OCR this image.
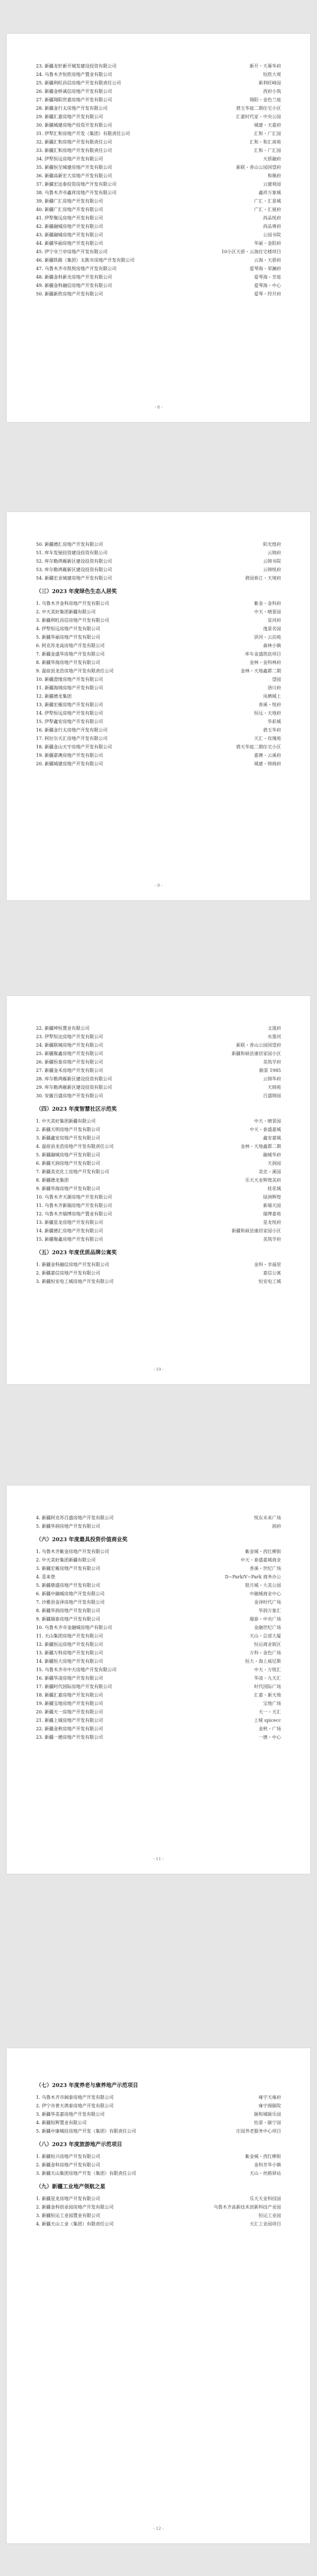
23. 新疆龙轩新开城发建设投资有限公司	新开・天幕华府
24. 乌鲁木齐恒欣房地产置业有限公司	恒欣大观
25. 新疆利旺昌信房地产开发有限责任公司	新利旺峰园
26. 新疆金桥诚信房地产开发有限公司	西府小筑
27. 新疆翔阳世嘉房地产开发有限公司	翔阳・金色兰庭
28. 新疆金行太房地产开发有限公司	碧玉华庭二期住宅小区
29. 新疆汇嘉房地产开发有限公司	汇嘉时代家・中央公园
30. 新疆城建房地产投资开发有限公司	城建・天嘉府
31. 伊犁汇和房地产开发（集团）有限责任公司	汇和・广汇园
32. 新疆汇和房地产开发有限责任公司	汇和・和汇南苑
33. 新疆汇和房地产开发有限责任公司	汇和・广汇园
34. 伊犁恒远房地产开发有限公司	天骄融府
35. 新疆恒至城建房地产开发有限公司	新联・香山公园国望府
36. 新疆高新宏大房地产开发有限公司	和顺府
37. 新疆宏达泰投资房地产开发有限公司	云建观园
38. 乌鲁木齐市鑫祥房地产开发有限公司	鑫祥万象城
39. 新疆广汇房地产开发有限公司	广汇・汇景城
40. 新疆广汇房地产开发有限公司	广汇・汇展府
41. 伊犁聚远房地产开发有限公司	尚品悦府
42. 新疆融城房地产开发有限公司	尚品尊府
43. 新疆融城房地产开发有限公司	公园书院
44. 新疆华丽房地产开发有限公司	华丽・金阳府
45. 伊宁市兰亭房地产开发有限公司	10小区天骄・云海住宅楼项目
46. 新疆铁路（集团）太陈市房地产开发有限公司	云海・天骄府
47. 乌鲁木齐市凯悦房地产开发有限公司	爱琴海・荣澜府
48. 新疆金科新光房地产开发有限公司	爱琴海・芳庭
49. 新疆金科融信房地产开发有限公司	爱琴海・中心
50. 新疆新欣房地产开发有限公司	爱琴・经开府
- 8 -
50. 新疆德汇房地产开发有限公司	阳光煌府
51. 库车发展投资建设投资有限公司	云锦府
52. 库尔勒鸿雁新区建设投资有限公司	云锦书院
53. 库尔勒鸿雁新区建设投资有限公司	云锦悦府
54. 新疆宏业城建房地产开发有限公司	碧园春江・天境府
（三）2023 年度绿色生态人居奖
1. 乌鲁木齐金科房地产开发有限公司	紫金・金科府
2. 中天美好集团新疆有限公司	中天・晴景园
3. 新疆利旺昌信房地产开发有限公司	星河府
4. 伊犁恒远房地产开发有限公司	逸景名园
5. 新疆华丽房地产开发有限公司	滨河・云泊苑
6. 阿克苏龙高房地产开发有限公司	森林小镇
7. 新疆金盛华房地产开发有限公司	库车金盛凯宸项目
8. 新疆华海房地产开发有限公司	金林・金科林府
9. 温宿县龙浩房地产开发有限责任公司	金林・天地鑫都二期
10. 新疆澄缘房地产开发有限公司	望园
11. 新疆海域房地产开发有限公司	洛川府
12. 新疆德龙集团	凤栖城上
13. 新疆宏雁房地产开发有限公司	香溪・悦府
14. 伊犁恒远房地产开发有限公司	恒远・天地府
15. 伊犁鑫安房地产开发有限公司	华彩城
16. 新疆金行太房地产开发有限公司	碧玉华府
17. 阿拉尔天汇房地产开发有限公司	天汇・玫瑰苑
18. 新疆金山天宇房地产开发有限公司	碧天华庭二期住宅小区
19. 新疆嘉澳房地产开发有限公司	嘉澳・云溪府
20. 新疆城建房地产开发有限公司	城建・锦阁府
- 9 -
22. 新疆坤恒置业有限公司	文晟府
23. 伊犁恒达房地产开发有限公司	水墨河
24. 新疆联城房地产开发有限公司	新联・香山公园国望府
25. 新疆聚鑫房地产开发有限公司	新疆和硕县康居家园小区
26. 新疆恒泰房地产开发有限公司	美筑学府
27. 新疆金禾房地产开发有限公司	颐景 1985
28. 库尔勒鸿雁新区建设投资有限公司	云锦华府
29. 库尔勒鸿雁新区建设投资有限公司	天锦苑
30. 安徽百盛房地产开发有限公司	百盛锦园
（四）2023 年度智慧社区示范奖
1. 中天美好集团新疆有限公司	中天・晴景园
2. 新疆天明房地产开发有限公司	中天・泰盛嘉城
3. 新疆鑫安房地产开发有限公司	鑫安嘉城
4. 温宿县龙浩房地产开发有限责任公司	金林・天地鑫都二期
5. 新疆融城房地产开发有限公司	融城华府
6. 新疆天润房地产开发有限公司	天润园
7. 新疆美克化工房地产开发有限公司	美克・溪园
8. 新疆德龙集团	乐天天业辉煌美府
9. 新疆华海房地产开发有限公司	桂花城
10. 乌鲁木齐天源房地产开发有限公司	绿洲辉煌
11. 乌鲁木齐新瑞房地产开发有限公司	新瑞天园
12. 乌鲁木齐瑞博房地产置业有限公司	瑞博嘉苑
13. 新疆星龙房地产开发有限公司	星龙悦府
14. 新疆德汇房地产开发有限公司	新疆和硕县康居家园小区
15. 新疆聚鑫房地产开发有限公司	美筑学府
（五）2023 年度优质品牌公寓奖
1. 新疆金科融信房地产开发有限公司	金科・幸福里
2. 新疆嘉信房地产开发有限公司	嘉信公寓
3. 新疆恒安电工城房地产开发有限公司	恒安电工城
- 10 -
4. 新疆阿克苏百盛房地产开发有限公司	悦东未来广场
5. 新疆华润房地产开发有限公司	润府
（六）2023 年度最具投资价值商业奖
1. 乌鲁木齐紫金房地产开发有限公司	紫金城・西红柳街
2. 中天美好集团新疆有限公司	中天・泰盛嘉城商业
3. 新疆宏雁房地产开发有限公司	香溪・世纪广场
4. 喜来登	D~Park/V~Park 商务办公
5. 新疆鼎盛房地产开发有限公司	银月城・大美公园
6. 新疆中融城房地产开发有限公司	中融城商业中心
7. 沙雅县金泽房地产开发有限公司	金泽时代广场
8. 新疆华润房地产开发有限公司	华润万象汇
9. 新疆瑞泰房地产开发有限公司	瑞泰・中央广场
10. 乌鲁木齐市金融城房地产有限公司	金融世纪广场
11. 天山集团房地产开发有限公司	天山・总部大厦
12. 新疆恒运房地产开发有限公司	恒运商业街区
13. 新疆万科房地产开发有限公司	万科・金色广场
14. 新疆恒大房地产开发有限公司	恒大・海上威尼斯
15. 乌鲁木齐市中天房地产开发有限公司	中天・万悦汇
16. 新疆华凌房地产开发有限公司	华凌・九天汇
17. 新疆时代国际房地产开发有限公司	时代国际广场
18. 新疆汇嘉房地产开发有限公司	汇嘉・新天地
19. 新疆宝地房地产开发有限公司	宝地广场
20. 新疆天一房地产开发有限公司	天一・天汇
21. 新疆上城房地产开发有限公司	上城 spicecc
22. 新疆金秋房地产开发有限公司	金秋・广场
23. 新疆一德房地产开发有限公司	一德・中心
- 11 -
（七）2023 年度养老与康养地产示范项目
1. 乌鲁木齐市阔泰房地产开发有限公司	雍宇天雍府
2. 伊宁市普天鸿泰房地产开发有限公司	雍宇阁颐院
3. 新疆华美嘉房地产开发有限公司	颐和城颐乐园
4. 新疆恒辉置业有限公司	怡景・颐宁园
5. 新疆中康城投房地产开发（集团）有限责任公司	庄园养老服务中心项目
（八）2023 年度旅游地产示范项目
1. 新疆恒兴房地产开发有限公司	紫金城・西红柳街
2. 新疆金科房地产开发有限公司	金科芳华小镇
3. 新疆天山集团房地产开发（集团）有限责任公司	天山・丝路驿站
（九）新疆工业地产领航之星
1. 新疆星龙房地产开发有限公司	乐天天业科技园
2. 新疆金科创业园房地产开发有限公司	乌鲁木齐高新技术创新科技产业园
3. 新疆恒运工业园置业有限公司	恒运工业园
4. 新疆天山工业（集团）有限责任公司	天汇工业园项目
- 12 -
